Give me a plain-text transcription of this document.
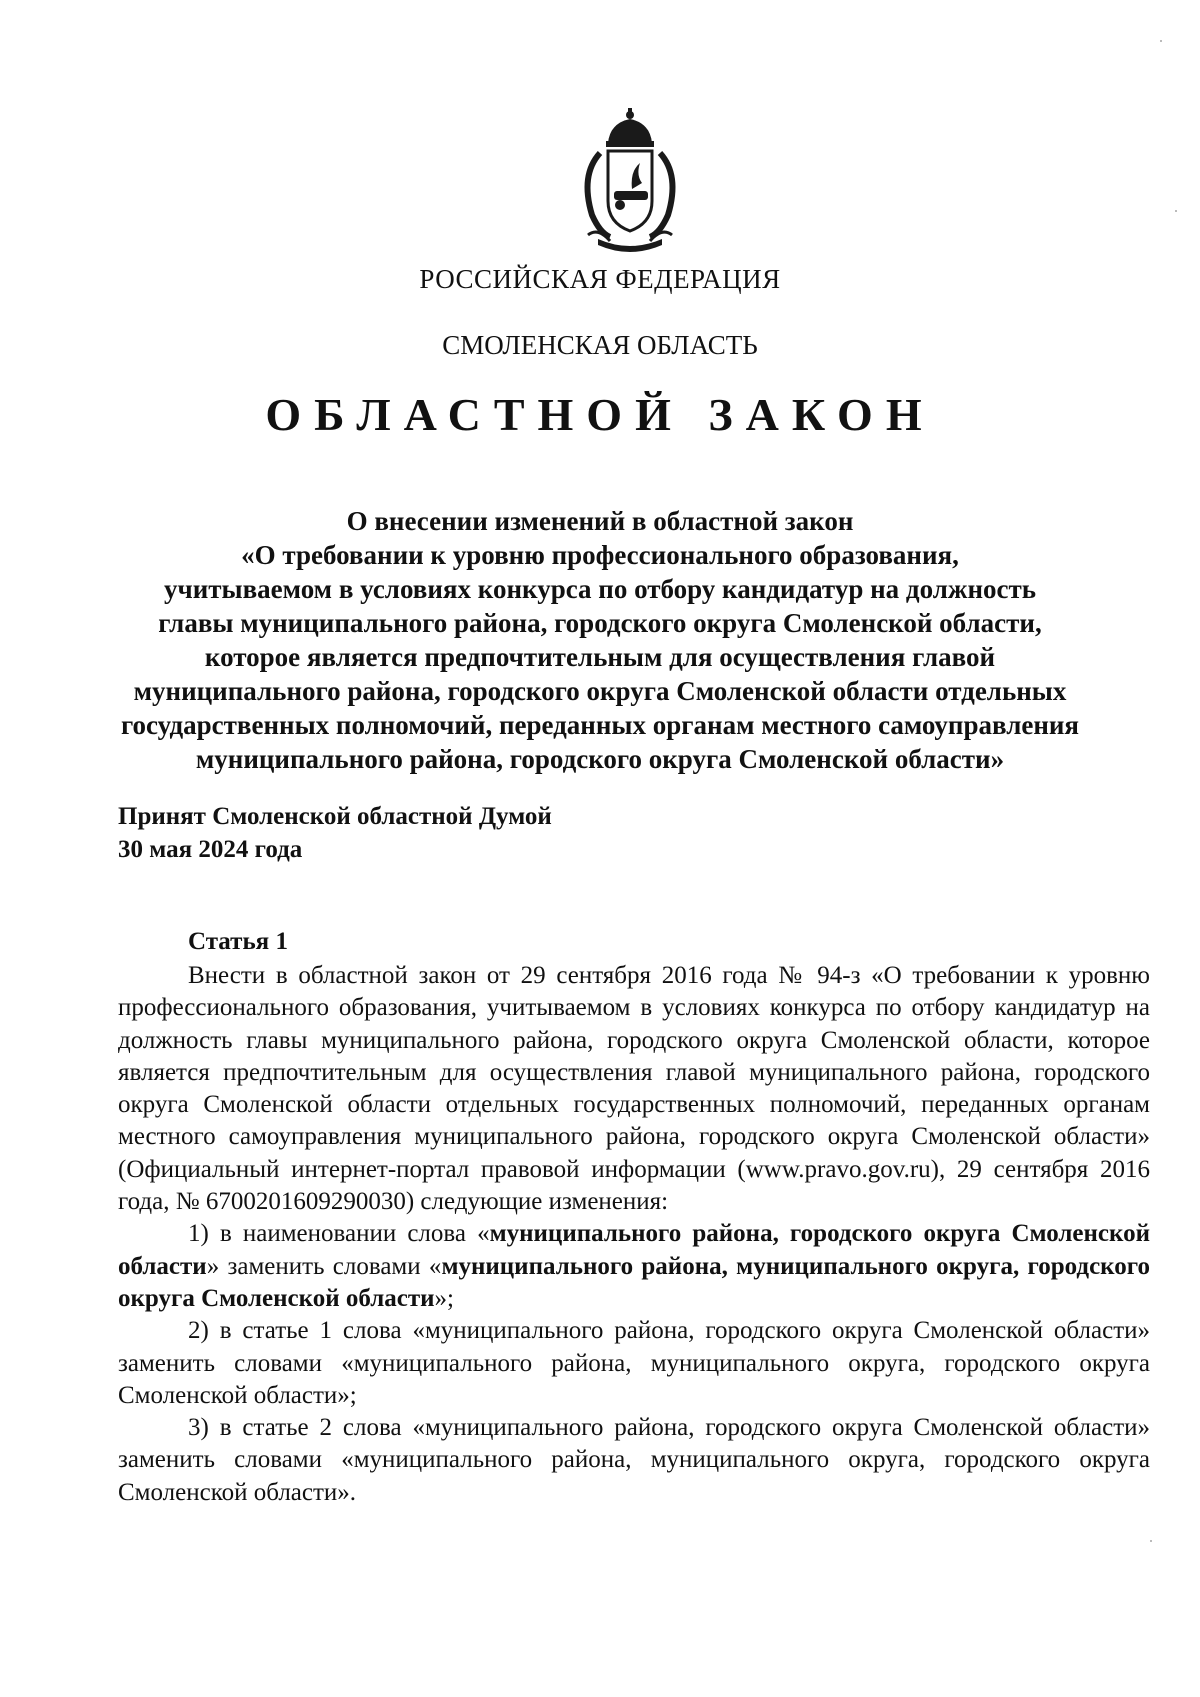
РОССИЙСКАЯ ФЕДЕРАЦИЯ
СМОЛЕНСКАЯ ОБЛАСТЬ
ОБЛАСТНОЙ ЗАКОН
О внесении изменений в областной закон
«О требовании к уровню профессионального образования,
учитываемом в условиях конкурса по отбору кандидатур на должность
главы муниципального района, городского округа Смоленской области,
которое является предпочтительным для осуществления главой
муниципального района, городского округа Смоленской области отдельных
государственных полномочий, переданных органам местного самоуправления
муниципального района, городского округа Смоленской области»
Принят Смоленской областной Думой
30 мая 2024 года
Статья 1

Внести в областной закон от 29 сентября 2016 года № 94-з «О требовании к уровню профессионального образования, учитываемом в условиях конкурса по отбору кандидатур на должность главы муниципального района, городского округа Смоленской области, которое является предпочтительным для осуществления главой муниципального района, городского округа Смоленской области отдельных государственных полномочий, переданных органам местного самоуправления муниципального района, городского округа Смоленской области» (Официальный интернет-портал правовой информации (www.pravo.gov.ru), 29 сентября 2016 года, № 6700201609290030) следующие изменения:

1) в наименовании слова «муниципального района, городского округа Смоленской области» заменить словами «муниципального района, муниципального округа, городского округа Смоленской области»;

2) в статье 1 слова «муниципального района, городского округа Смоленской области» заменить словами «муниципального района, муниципального округа, городского округа Смоленской области»;

3) в статье 2 слова «муниципального района, городского округа Смоленской области» заменить словами «муниципального района, муниципального округа, городского округа Смоленской области».
